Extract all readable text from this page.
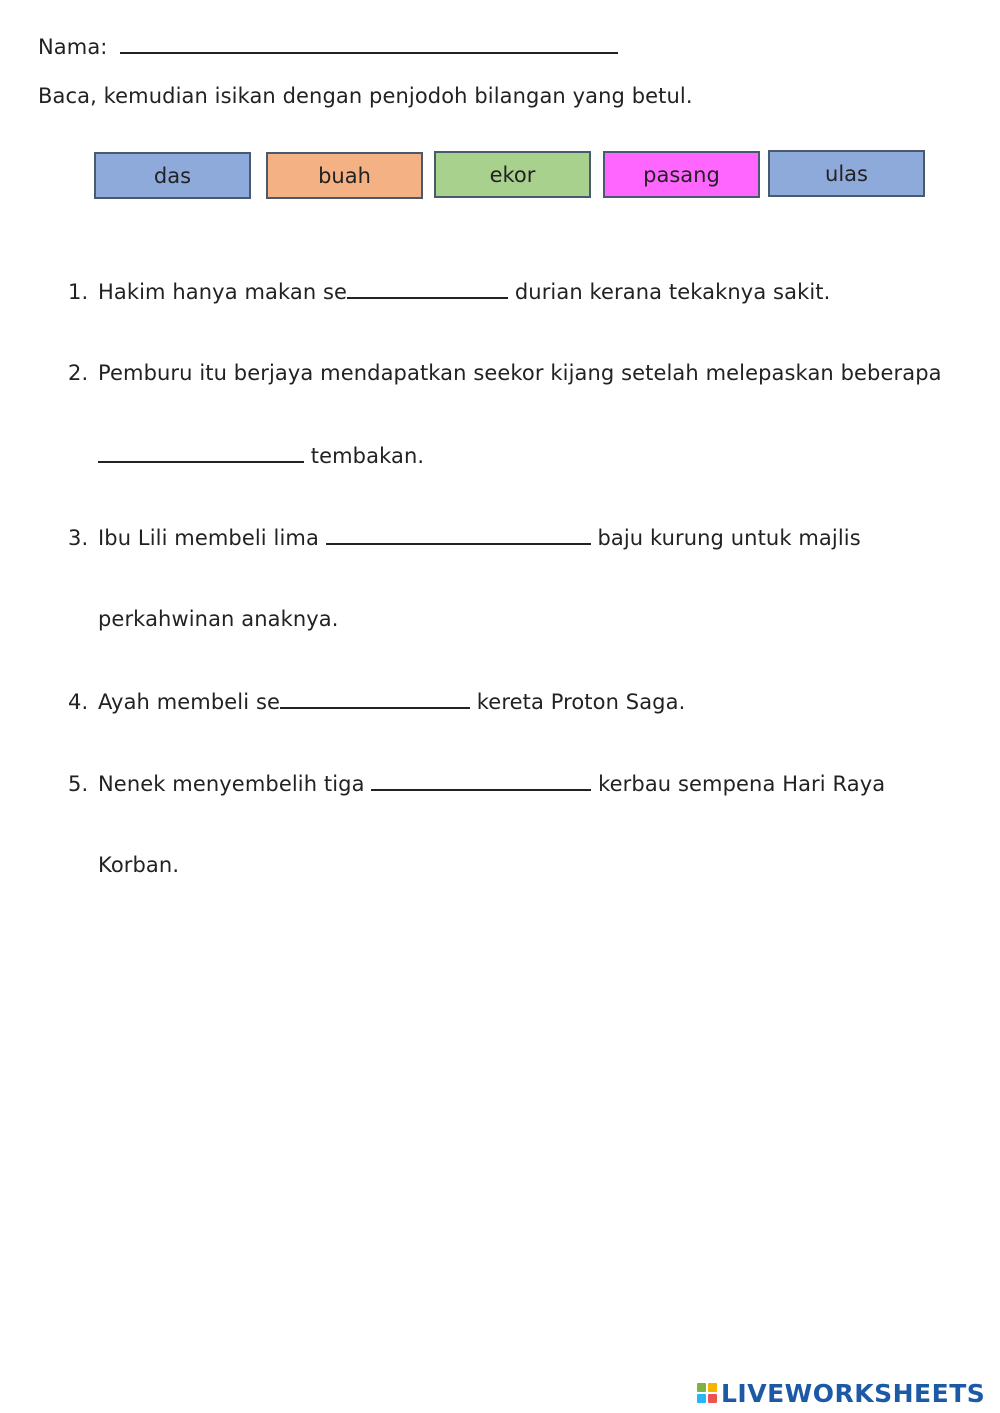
Nama:
Baca, kemudian isikan dengan penjodoh bilangan yang betul.
das	buah	ekor	pasang	ulas
1. Hakim hanya makan se	durian kerana tekaknya sakit.
2. Pemburu itu berjaya mendapatkan seekor kijang setelah melepaskan beberapa
tembakan.
3. Ibu Lili membeli lima	baju kurung untuk majlis
perkahwinan anaknya.
4. Ayah membeli se	kereta Proton Saga.
5. Nenek menyembelih tiga	kerbau sempena Hari Raya
Korban.
LIVEWORKSHEETS
